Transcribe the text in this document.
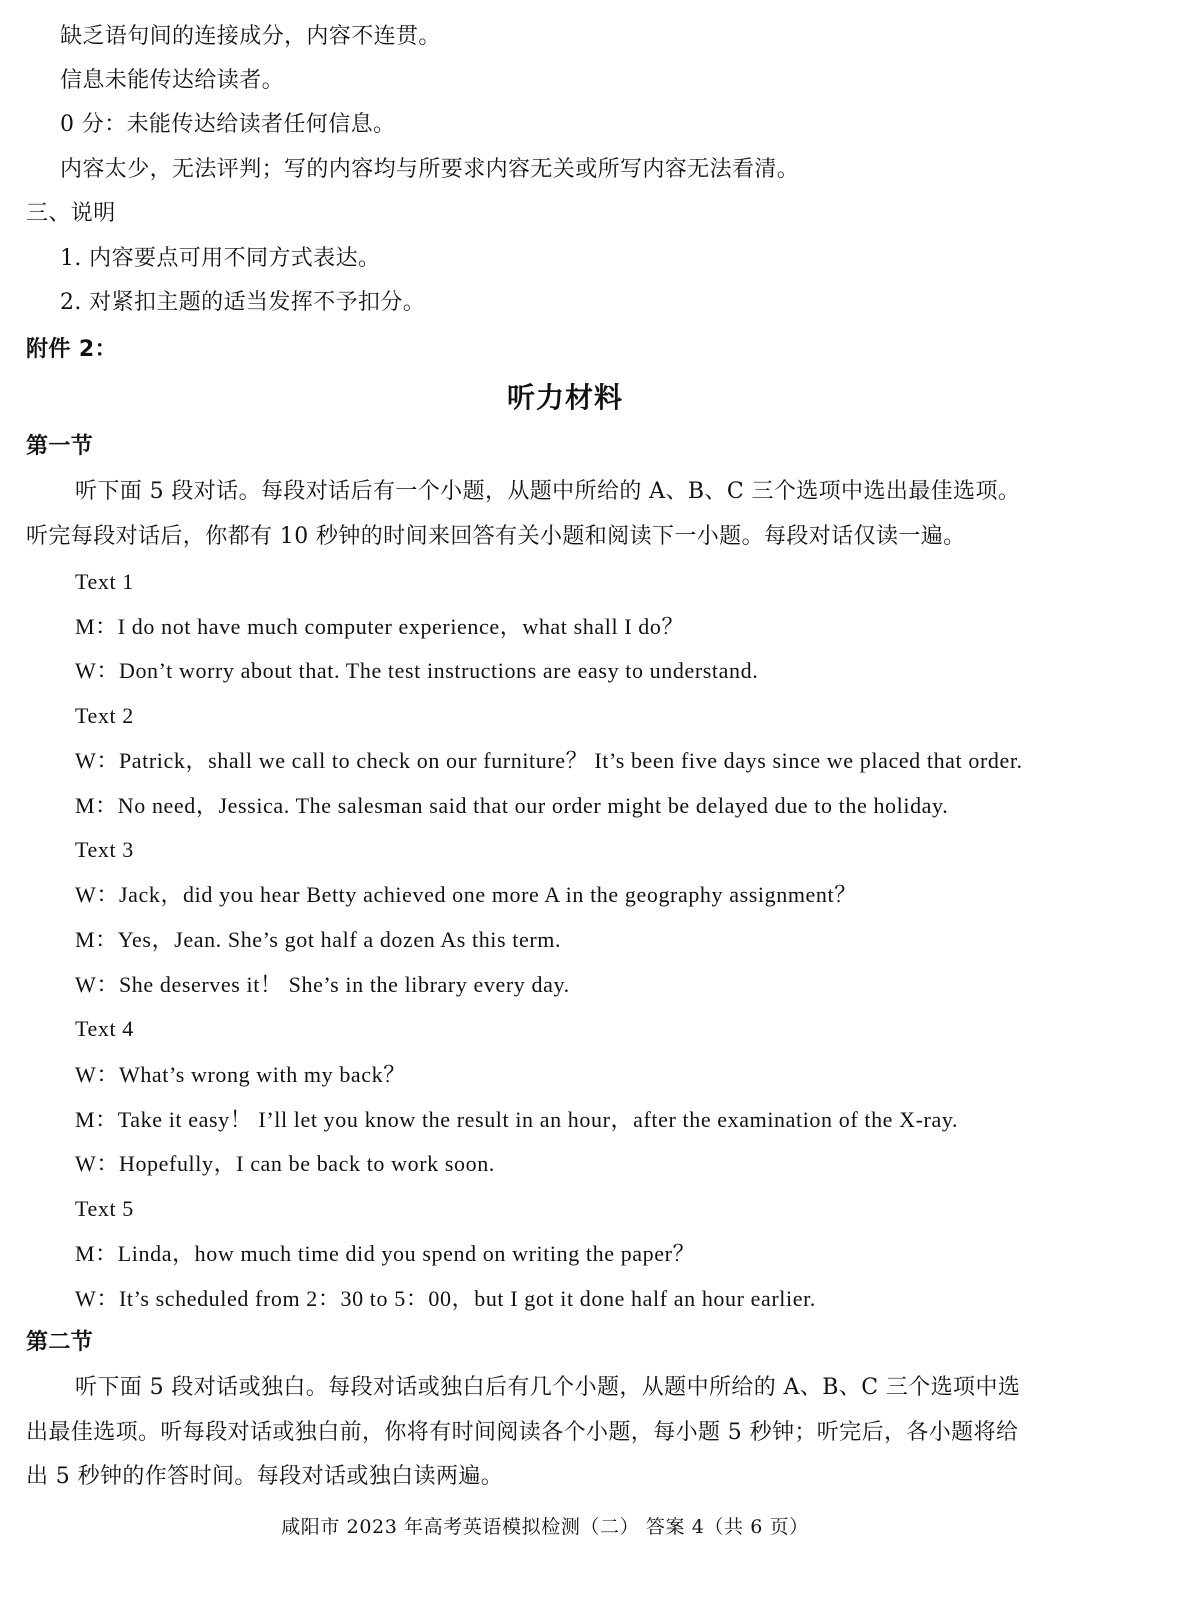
缺乏语句间的连接成分，内容不连贯。
信息未能传达给读者。
0 分：未能传达给读者任何信息。
内容太少，无法评判；写的内容均与所要求内容无关或所写内容无法看清。
三、说明
1. 内容要点可用不同方式表达。
2. 对紧扣主题的适当发挥不予扣分。
附件 2：
听力材料
第一节
听下面 5 段对话。每段对话后有一个小题，从题中所给的 A、B、C 三个选项中选出最佳选项。
听完每段对话后，你都有 10 秒钟的时间来回答有关小题和阅读下一小题。每段对话仅读一遍。
Text 1
M：I do not have much computer experience，what shall I do？
W：Don’t worry about that. The test instructions are easy to understand.
Text 2
W：Patrick，shall we call to check on our furniture？ It’s been five days since we placed that order.
M：No need，Jessica. The salesman said that our order might be delayed due to the holiday.
Text 3
W：Jack，did you hear Betty achieved one more A in the geography assignment？
M：Yes，Jean. She’s got half a dozen As this term.
W：She deserves it！ She’s in the library every day.
Text 4
W：What’s wrong with my back？
M：Take it easy！ I’ll let you know the result in an hour，after the examination of the X-ray.
W：Hopefully，I can be back to work soon.
Text 5
M：Linda，how much time did you spend on writing the paper？
W：It’s scheduled from 2：30 to 5：00，but I got it done half an hour earlier.
第二节
听下面 5 段对话或独白。每段对话或独白后有几个小题，从题中所给的 A、B、C 三个选项中选
出最佳选项。听每段对话或独白前，你将有时间阅读各个小题，每小题 5 秒钟；听完后，各小题将给
出 5 秒钟的作答时间。每段对话或独白读两遍。
咸阳市 2023 年高考英语模拟检测（二） 答案 4（共 6 页）
